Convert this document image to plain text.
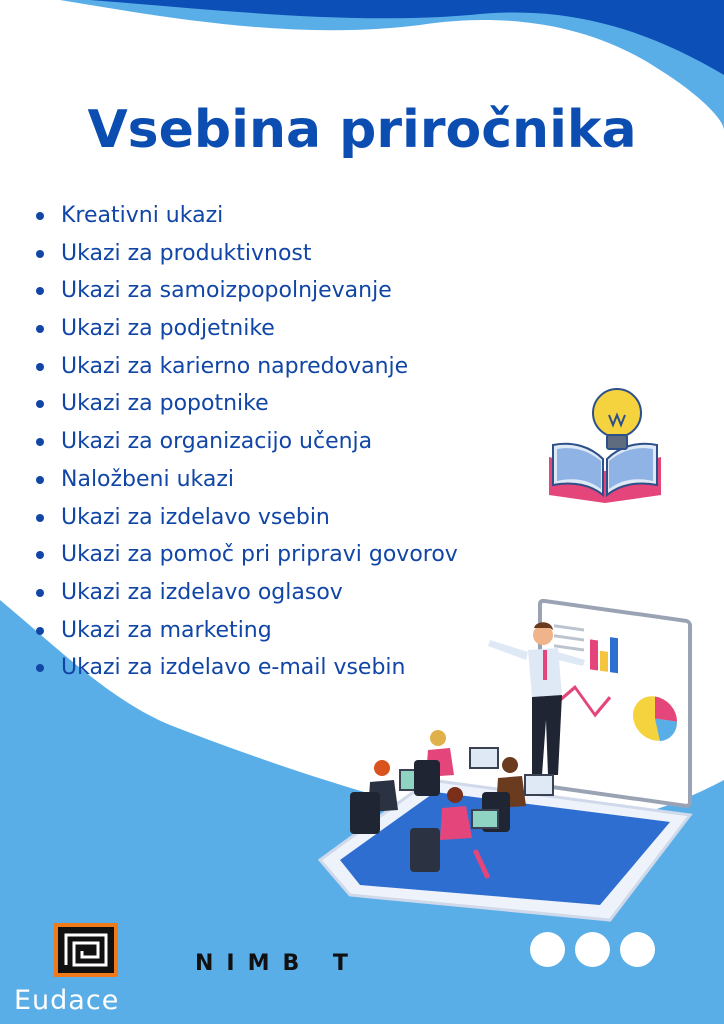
Vsebina priročnika
Kreativni ukazi
Ukazi za produktivnost
Ukazi za samoizpopolnjevanje
Ukazi za podjetnike
Ukazi za karierno napredovanje
Ukazi za popotnike
Ukazi za organizacijo učenja
Naložbeni ukazi
Ukazi za izdelavo vsebin
Ukazi za pomoč pri pripravi govorov
Ukazi za izdelavo oglasov
Ukazi za marketing
Ukazi za izdelavo e-mail vsebin
Eudace
NIMB T
